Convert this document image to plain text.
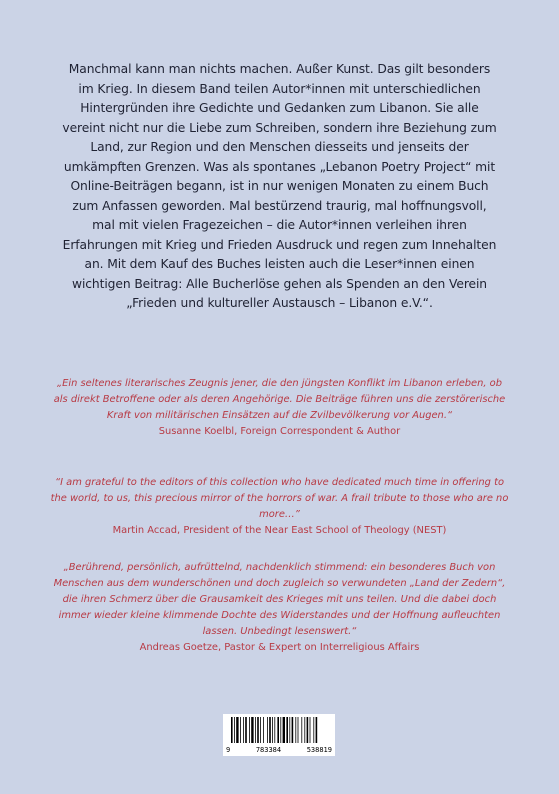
Manchmal kann man nichts machen. Außer Kunst. Das gilt besonders im Krieg. In diesem Band teilen Autor*innen mit unterschiedlichen Hintergründen ihre Gedichte und Gedanken zum Libanon. Sie alle vereint nicht nur die Liebe zum Schreiben, sondern ihre Beziehung zum Land, zur Region und den Menschen diesseits und jenseits der umkämpften Grenzen. Was als spontanes „Lebanon Poetry Project“ mit Online-Beiträgen begann, ist in nur wenigen Monaten zu einem Buch zum Anfassen geworden. Mal bestürzend traurig, mal hoffnungsvoll, mal mit vielen Fragezeichen – die Autor*innen verleihen ihren Erfahrungen mit Krieg und Frieden Ausdruck und regen zum Innehalten an. Mit dem Kauf des Buches leisten auch die Leser*innen einen wichtigen Beitrag: Alle Bucherlöse gehen als Spenden an den Verein „Frieden und kultureller Austausch – Libanon e.V.“.
„Ein seltenes literarisches Zeugnis jener, die den jüngsten Konflikt im Libanon erleben, ob als direkt Betroffene oder als deren Angehörige. Die Beiträge führen uns die zerstörerische Kraft von militärischen Einsätzen auf die Zvilbevölkerung vor Augen.“
Susanne Koelbl, Foreign Correspondent & Author
“I am grateful to the editors of this collection who have dedicated much time in offering to the world, to us, this precious mirror of the horrors of war. A frail tribute to those who are no more…”
Martin Accad, President of the Near East School of Theology (NEST)
„Berührend, persönlich, aufrüttelnd, nachdenklich stimmend: ein besonderes Buch von Menschen aus dem wunderschönen und doch zugleich so verwundeten „Land der Zedern“, die ihren Schmerz über die Grausamkeit des Krieges mit uns teilen. Und die dabei doch immer wieder kleine klimmende Dochte des Widerstandes und der Hoffnung aufleuchten lassen. Unbedingt lesenswert.“
Andreas Goetze, Pastor & Expert on Interreligious Affairs
9	783384	538819
